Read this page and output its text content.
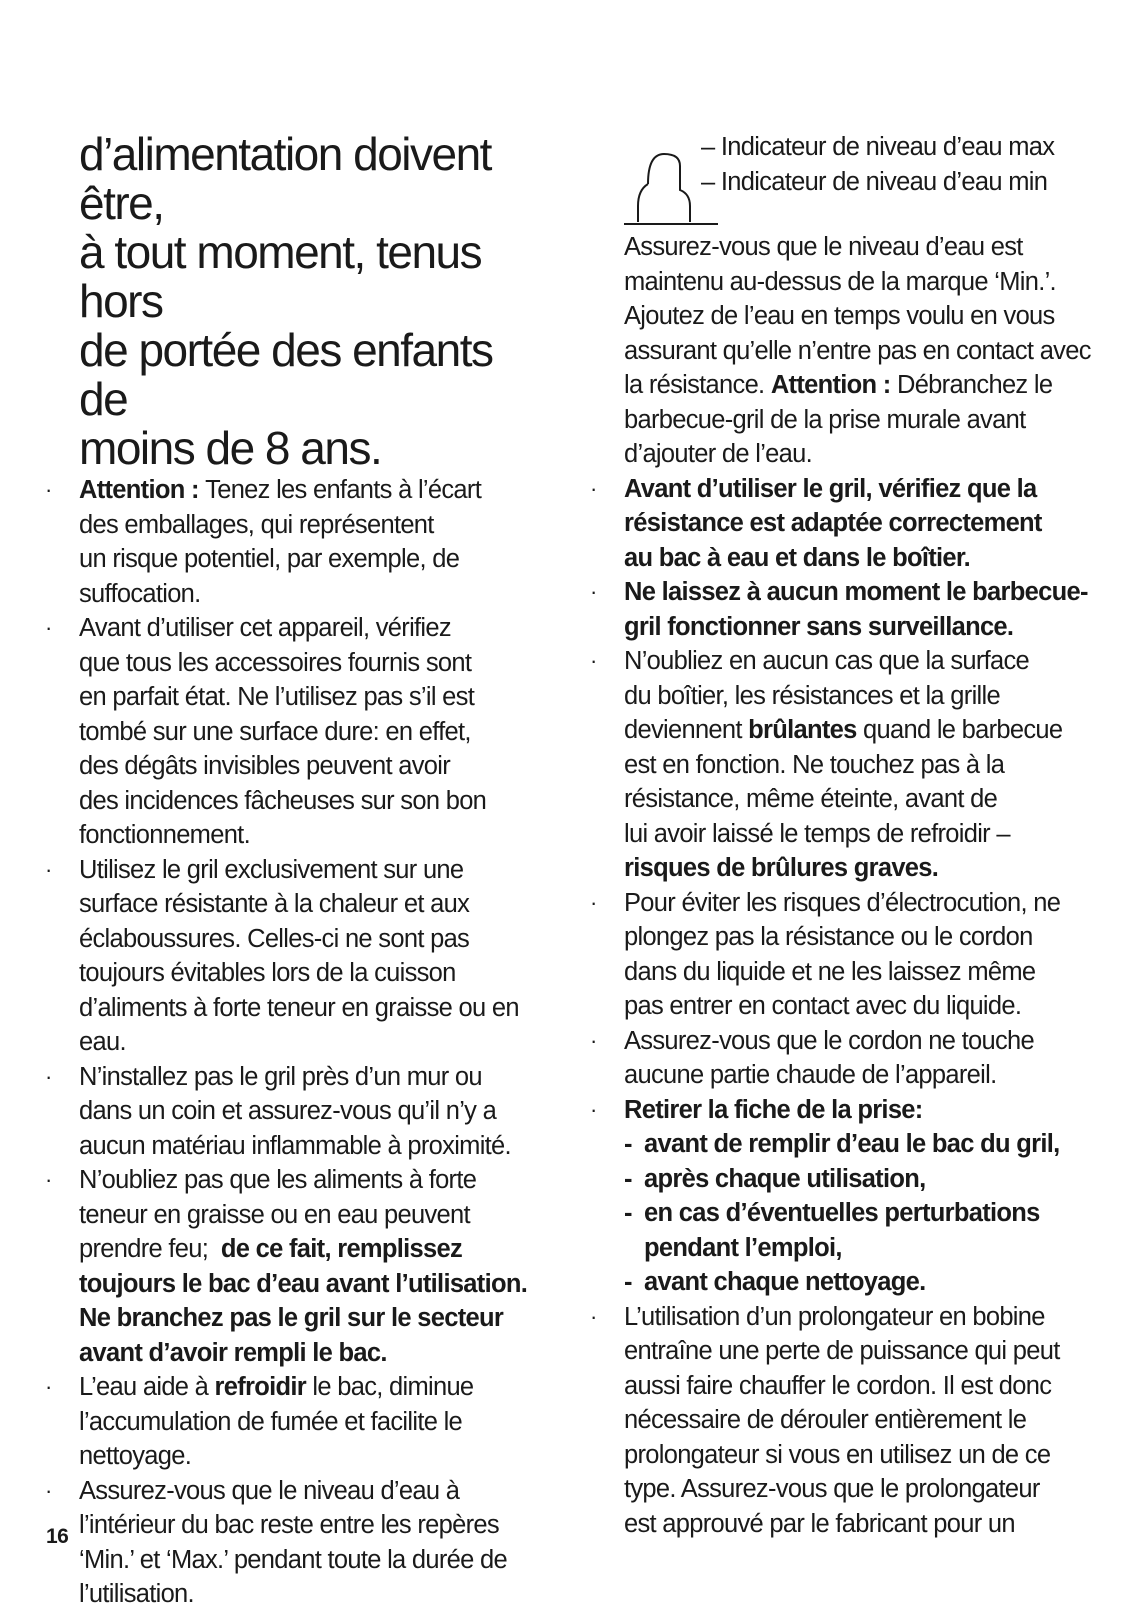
d’alimentation doivent être,
à tout moment, tenus hors
de portée des enfants de
moins de 8 ans.
· Attention : Tenez les enfants à l’écart

des emballages, qui représentent

un risque potentiel, par exemple, de

suffocation.

· Avant d’utiliser cet appareil, vérifiez

que tous les accessoires fournis sont

en parfait état. Ne l’utilisez pas s’il est

tombé sur une surface dure: en effet,

des dégâts invisibles peuvent avoir

des incidences fâcheuses sur son bon

fonctionnement.

· Utilisez le gril exclusivement sur une

surface résistante à la chaleur et aux

éclaboussures. Celles-ci ne sont pas

toujours évitables lors de la cuisson

d’aliments à forte teneur en graisse ou en

eau.

· N’installez pas le gril près d’un mur ou

dans un coin et assurez-vous qu’il n’y a

aucun matériau inflammable à proximité.

· N’oubliez pas que les aliments à forte

teneur en graisse ou en eau peuvent

prendre feu; de ce fait, remplissez

toujours le bac d’eau avant l’utilisation.

Ne branchez pas le gril sur le secteur

avant d’avoir rempli le bac.

· L’eau aide à refroidir le bac, diminue

l’accumulation de fumée et facilite le

nettoyage.

· Assurez-vous que le niveau d’eau à

l’intérieur du bac reste entre les repères

‘Min.’ et ‘Max.’ pendant toute la durée de

l’utilisation.

– Indicateur de niveau d’eau max
– Indicateur de niveau d’eau min

Assurez-vous que le niveau d’eau est

maintenu au-dessus de la marque ‘Min.’.

Ajoutez de l’eau en temps voulu en vous

assurant qu’elle n’entre pas en contact avec

la résistance. Attention : Débranchez le

barbecue-gril de la prise murale avant

d’ajouter de l’eau.

· Avant d’utiliser le gril, vérifiez que la

résistance est adaptée correctement

au bac à eau et dans le boîtier.

· Ne laissez à aucun moment le barbecue-

gril fonctionner sans surveillance.

· N’oubliez en aucun cas que la surface

du boîtier, les résistances et la grille

deviennent brûlantes quand le barbecue

est en fonction. Ne touchez pas à la

résistance, même éteinte, avant de

lui avoir laissé le temps de refroidir –

risques de brûlures graves.

· Pour éviter les risques d’électrocution, ne

plongez pas la résistance ou le cordon

dans du liquide et ne les laissez même

pas entrer en contact avec du liquide.

· Assurez-vous que le cordon ne touche

aucune partie chaude de l’appareil.

· Retirer la fiche de la prise:

- avant de remplir d’eau le bac du gril,
- après chaque utilisation,
- en cas d’éventuelles perturbations
pendant l’emploi,
- avant chaque nettoyage.
· L’utilisation d’un prolongateur en bobine

entraîne une perte de puissance qui peut

aussi faire chauffer le cordon. Il est donc

nécessaire de dérouler entièrement le

prolongateur si vous en utilisez un de ce

type. Assurez-vous que le prolongateur

est approuvé par le fabricant pour un

16
